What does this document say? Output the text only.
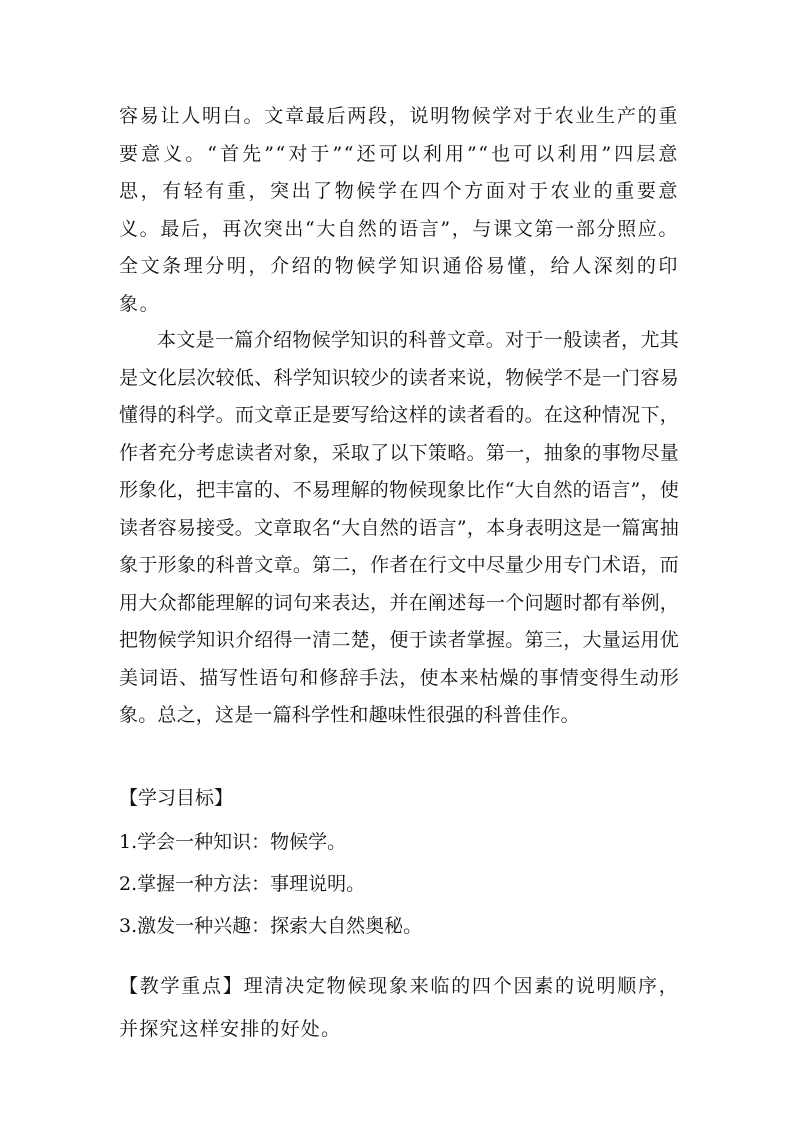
容易让人明白。文章最后两段，说明物候学对于农业生产的重要意义。“首先”“对于”“还可以利用”“也可以利用”四层意思，有轻有重，突出了物候学在四个方面对于农业的重要意义。最后，再次突出“大自然的语言”，与课文第一部分照应。全文条理分明，介绍的物候学知识通俗易懂，给人深刻的印象。

本文是一篇介绍物候学知识的科普文章。对于一般读者，尤其是文化层次较低、科学知识较少的读者来说，物候学不是一门容易懂得的科学。而文章正是要写给这样的读者看的。在这种情况下，作者充分考虑读者对象，采取了以下策略。第一，抽象的事物尽量形象化，把丰富的、不易理解的物候现象比作“大自然的语言”，使读者容易接受。文章取名“大自然的语言”，本身表明这是一篇寓抽象于形象的科普文章。第二，作者在行文中尽量少用专门术语，而用大众都能理解的词句来表达，并在阐述每一个问题时都有举例，把物候学知识介绍得一清二楚，便于读者掌握。第三，大量运用优美词语、描写性语句和修辞手法，使本来枯燥的事情变得生动形象。总之，这是一篇科学性和趣味性很强的科普佳作。

【学习目标】
1.学会一种知识：物候学。
2.掌握一种方法：事理说明。
3.激发一种兴趣：探索大自然奥秘。

【教学重点】理清决定物候现象来临的四个因素的说明顺序，并探究这样安排的好处。
